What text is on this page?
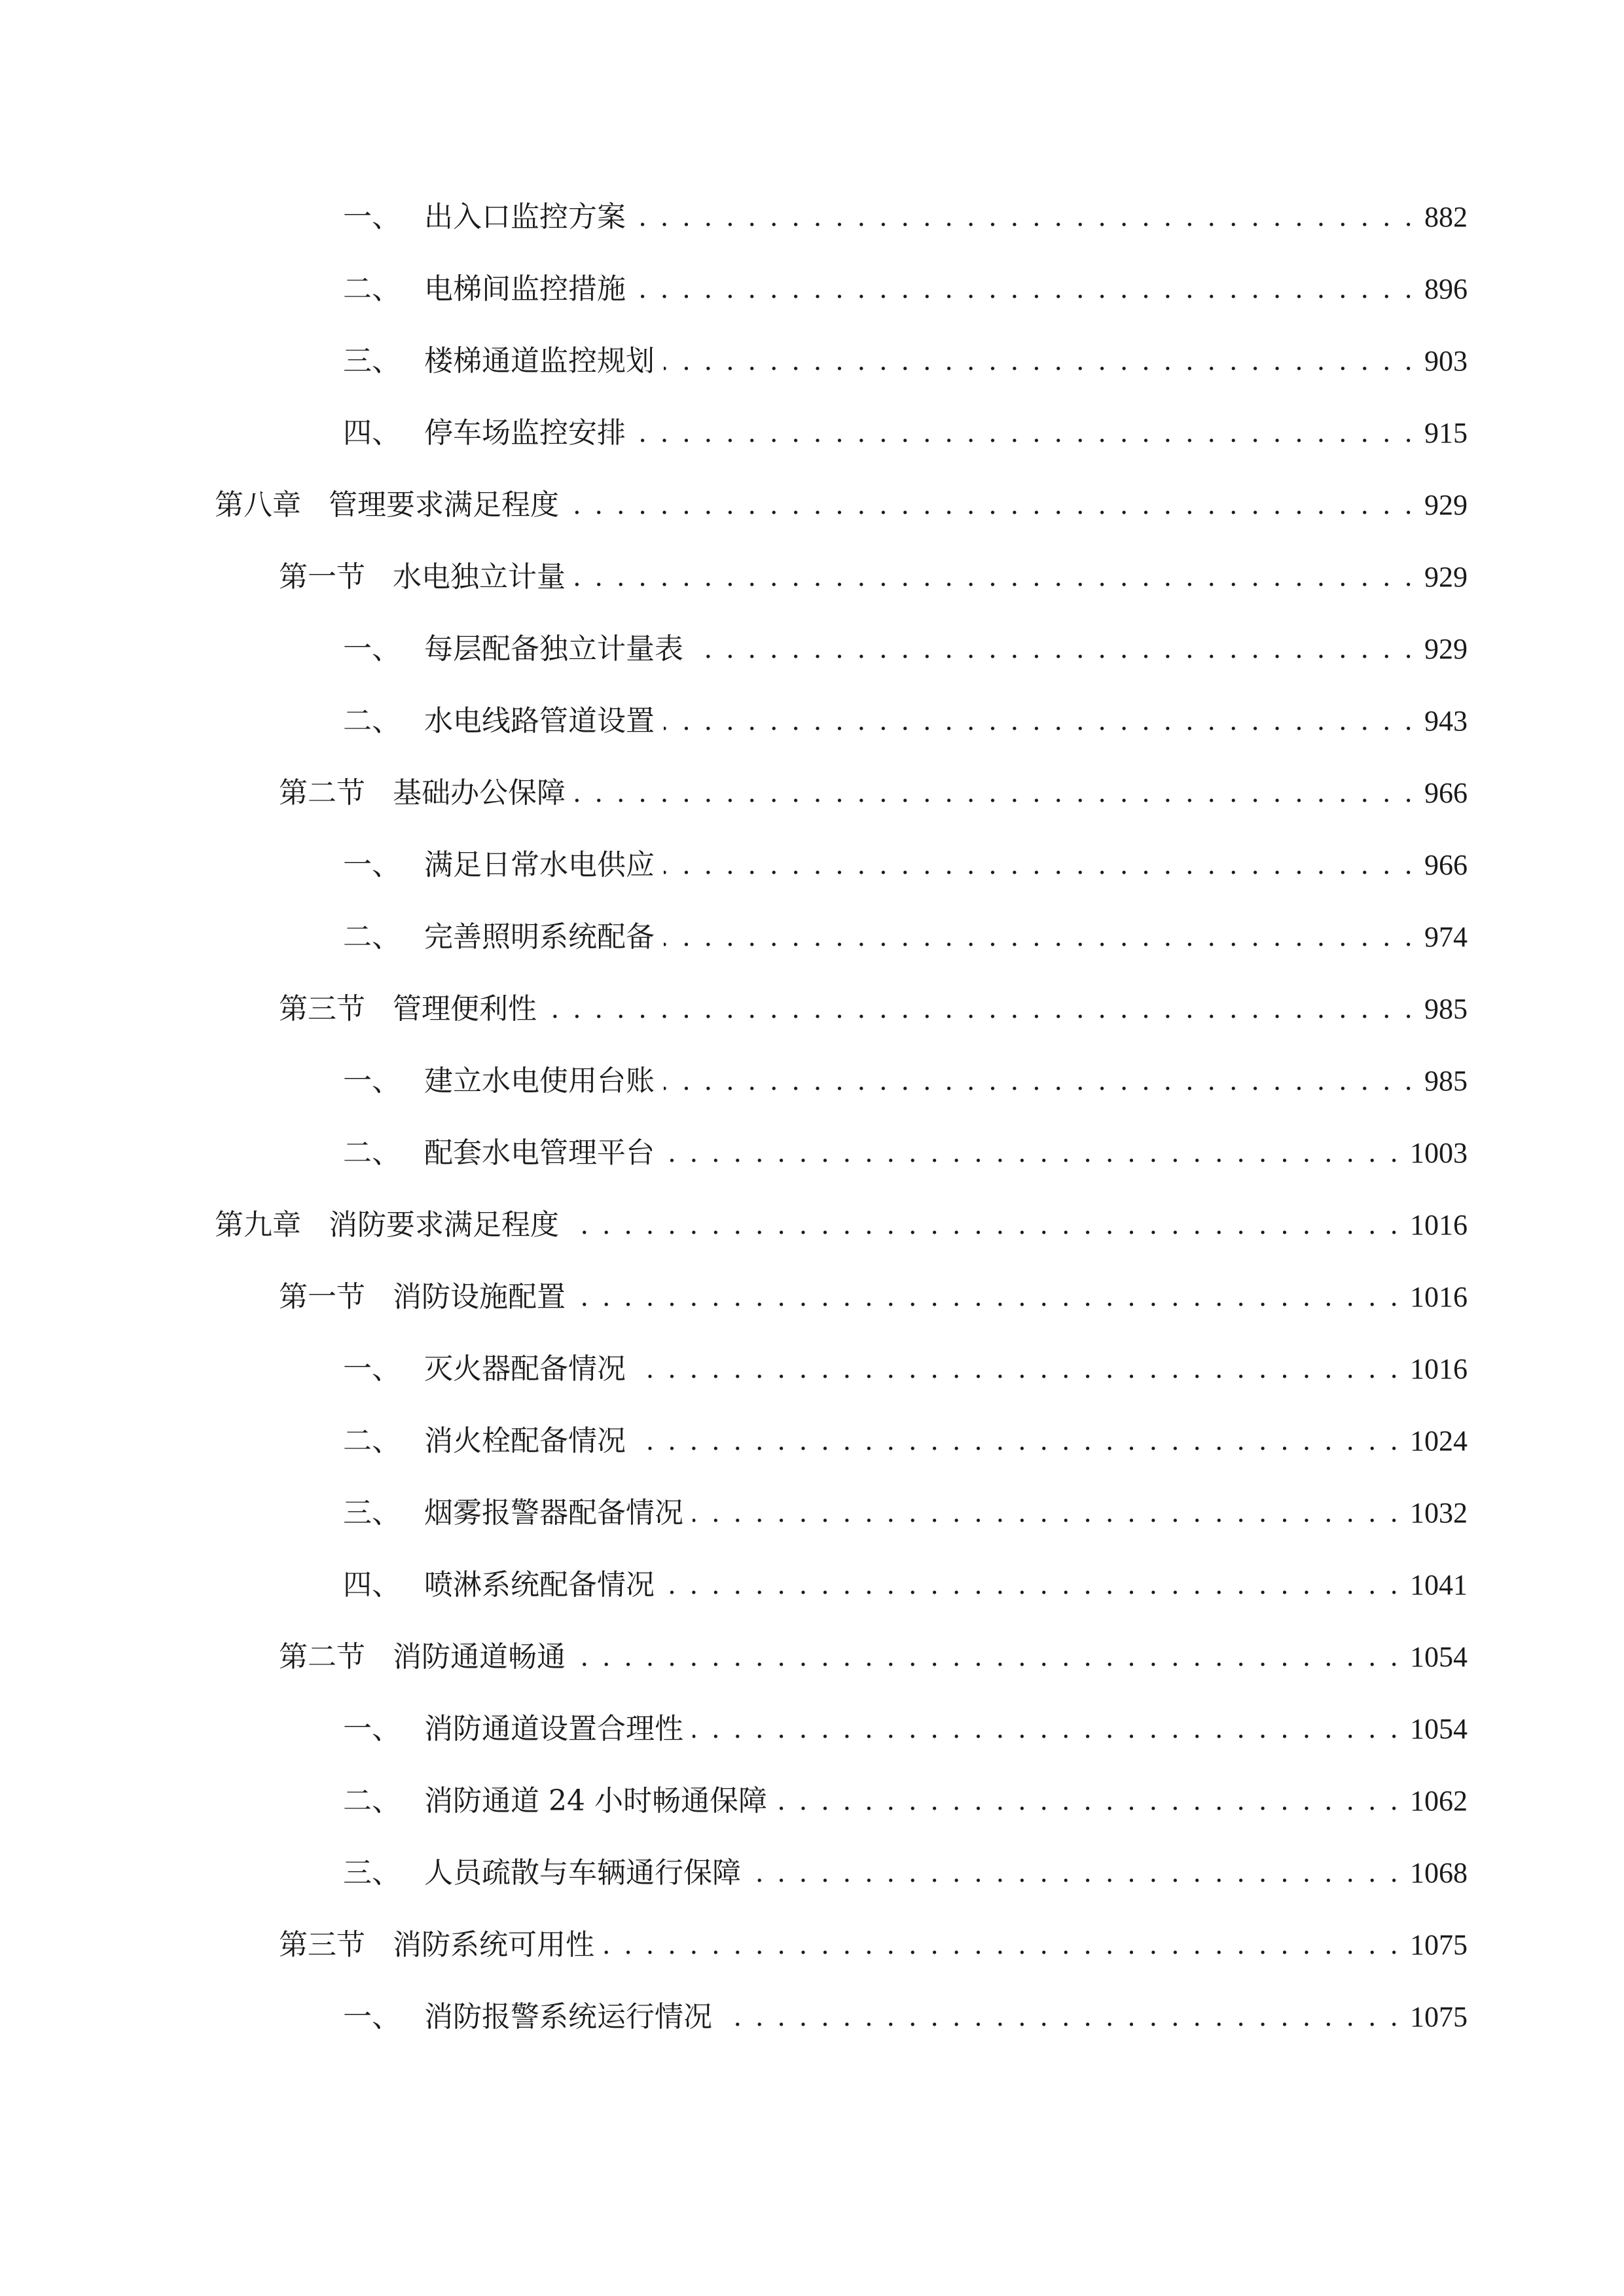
一、 出入口监控方案 . . .	882
二、 电梯间监控措施 . . .	896
三、 楼梯通道监控规划 . . .	903
四、 停车场监控安排 . . .	915
第八章 管理要求满足程度 . . .	929
第一节 水电独立计量 . . .	929
一、 每层配备独立计量表 . . .	929
二、 水电线路管道设置 . . .	943
第二节 基础办公保障 . . .	966
一、 满足日常水电供应 . . .	966
二、 完善照明系统配备 . . .	974
第三节 管理便利性 . . .	985
一、 建立水电使用台账 . . .	985
二、 配套水电管理平台 . . .	1003
第九章 消防要求满足程度 . . .	1016
第一节 消防设施配置 . . .	1016
一、 灭火器配备情况 . . .	1016
二、 消火栓配备情况 . . .	1024
三、 烟雾报警器配备情况 . . .	1032
四、 喷淋系统配备情况 . . .	1041
第二节 消防通道畅通 . . .	1054
一、 消防通道设置合理性 . . .	1054
二、 消防通道 24 小时畅通保障 . . .	1062
三、 人员疏散与车辆通行保障 . . .	1068
第三节 消防系统可用性 . . .	1075
一、 消防报警系统运行情况 . . .	1075
